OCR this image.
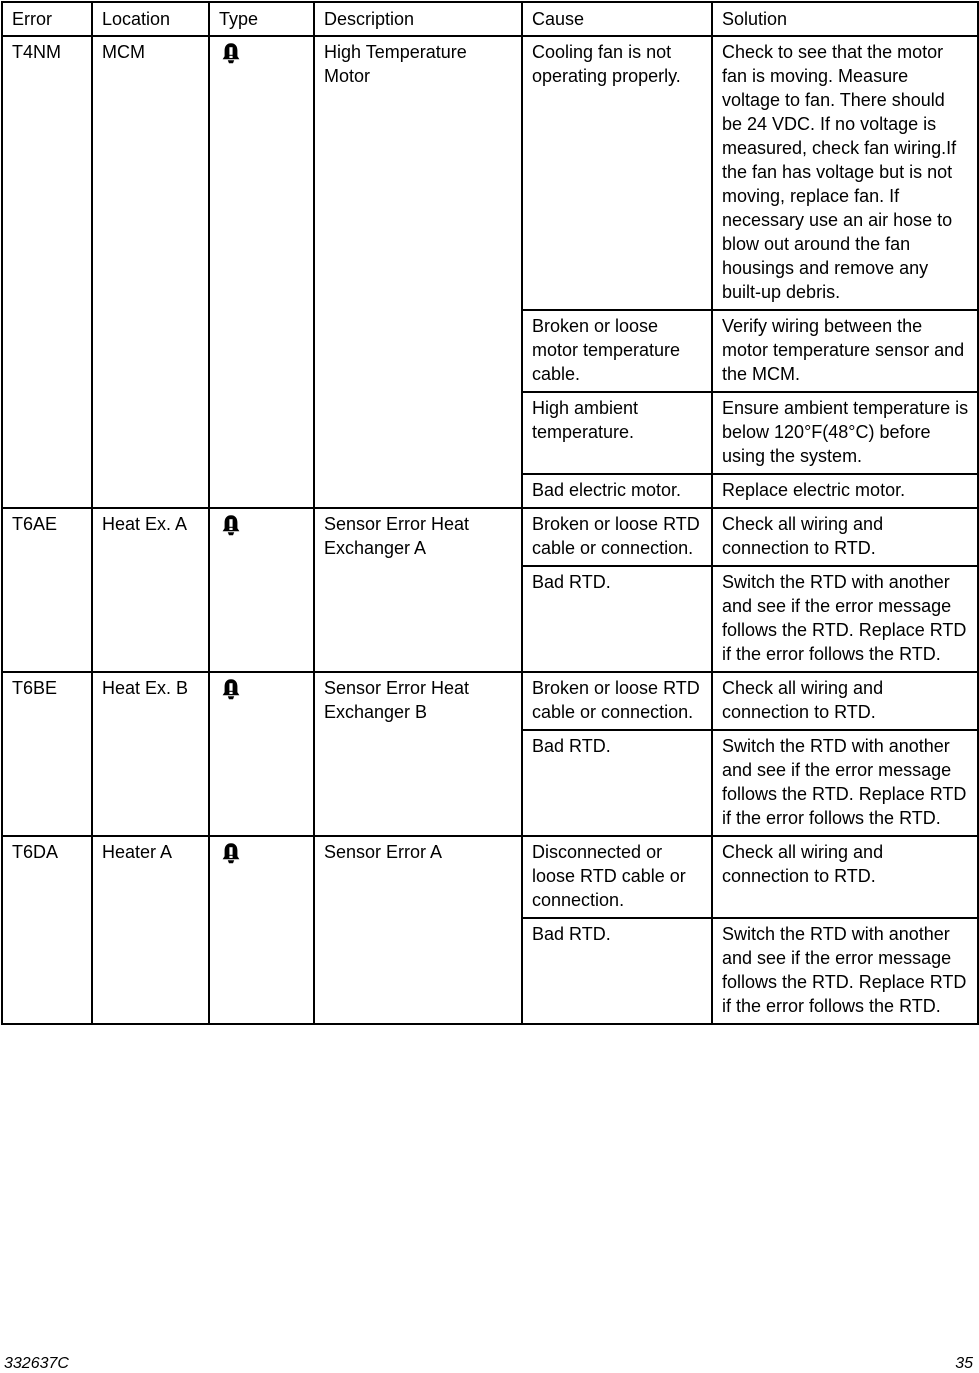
Error	Location	Type	Description	Cause	Solution
T4NM	MCM		High Temperature Motor	Cooling fan is not operating properly.	Check to see that the motor fan is moving. Measure voltage to fan. There should be 24 VDC. If no voltage is measured, check fan wiring.If the fan has voltage but is not moving, replace fan. If necessary use an air hose to blow out around the fan housings and remove any built-up debris.
				Broken or loose motor temperature cable.	Verify wiring between the motor temperature sensor and the MCM.
				High ambient temperature.	Ensure ambient temperature is below 120°F(48°C) before using the system.
				Bad electric motor.	Replace electric motor.
T6AE	Heat Ex. A		Sensor Error Heat Exchanger A	Broken or loose RTD cable or connection.	Check all wiring and connection to RTD.
				Bad RTD.	Switch the RTD with another and see if the error message follows the RTD. Replace RTD if the error follows the RTD.
T6BE	Heat Ex. B		Sensor Error Heat Exchanger B	Broken or loose RTD cable or connection.	Check all wiring and connection to RTD.
				Bad RTD.	Switch the RTD with another and see if the error message follows the RTD. Replace RTD if the error follows the RTD.
T6DA	Heater A		Sensor Error A	Disconnected or loose RTD cable or connection.	Check all wiring and connection to RTD.
				Bad RTD.	Switch the RTD with another and see if the error message follows the RTD. Replace RTD if the error follows the RTD.
332637C	35
